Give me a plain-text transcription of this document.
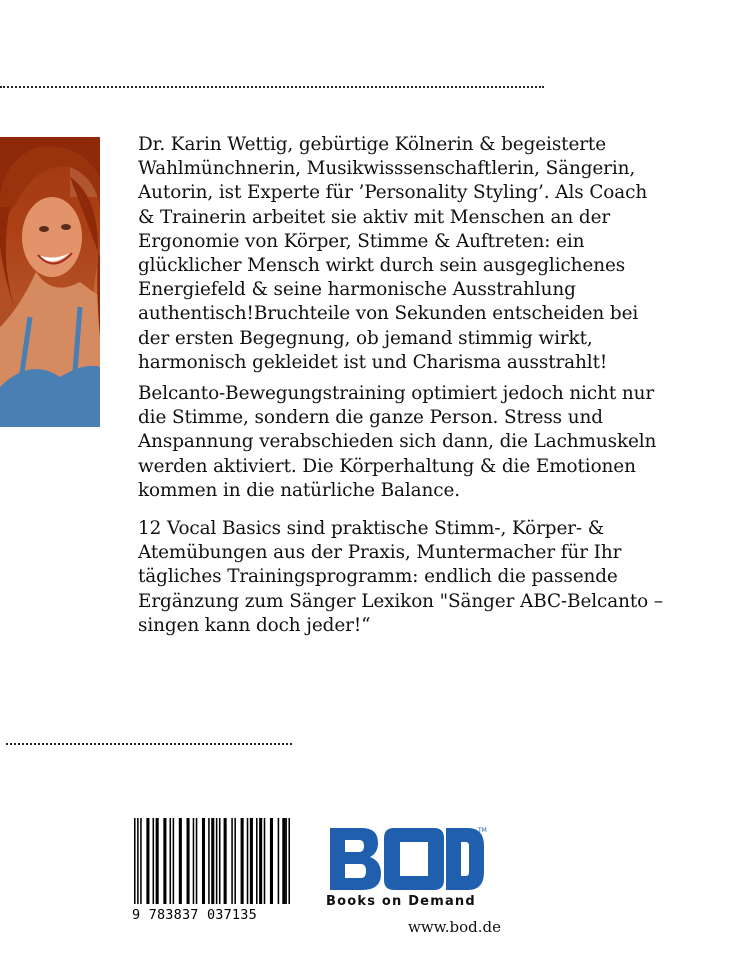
Dr. Karin Wettig, gebürtige Kölnerin & begeisterte
Wahlmünchnerin, Musikwisssenschaftlerin, Sängerin,
Autorin, ist Experte für ’Personality Styling’. Als Coach
& Trainerin arbeitet sie aktiv mit Menschen an der
Ergonomie von Körper, Stimme & Auftreten: ein
glücklicher Mensch wirkt durch sein ausgeglichenes
Energiefeld & seine harmonische Ausstrahlung
authentisch!Bruchteile von Sekunden entscheiden bei
der ersten Begegnung, ob jemand stimmig wirkt,
harmonisch gekleidet ist und Charisma ausstrahlt!
Belcanto-Bewegungstraining optimiert jedoch nicht nur
die Stimme, sondern die ganze Person. Stress und
Anspannung verabschieden sich dann, die Lachmuskeln
werden aktiviert. Die Körperhaltung & die Emotionen
kommen in die natürliche Balance.
12 Vocal Basics sind praktische Stimm-, Körper- &
Atemübungen aus der Praxis, Muntermacher für Ihr
tägliches Trainingsprogramm: endlich die passende
Ergänzung zum Sänger Lexikon "Sänger ABC-Belcanto –
singen kann doch jeder!“
9 783837 037135
TM
Books on Demand
www.bod.de
